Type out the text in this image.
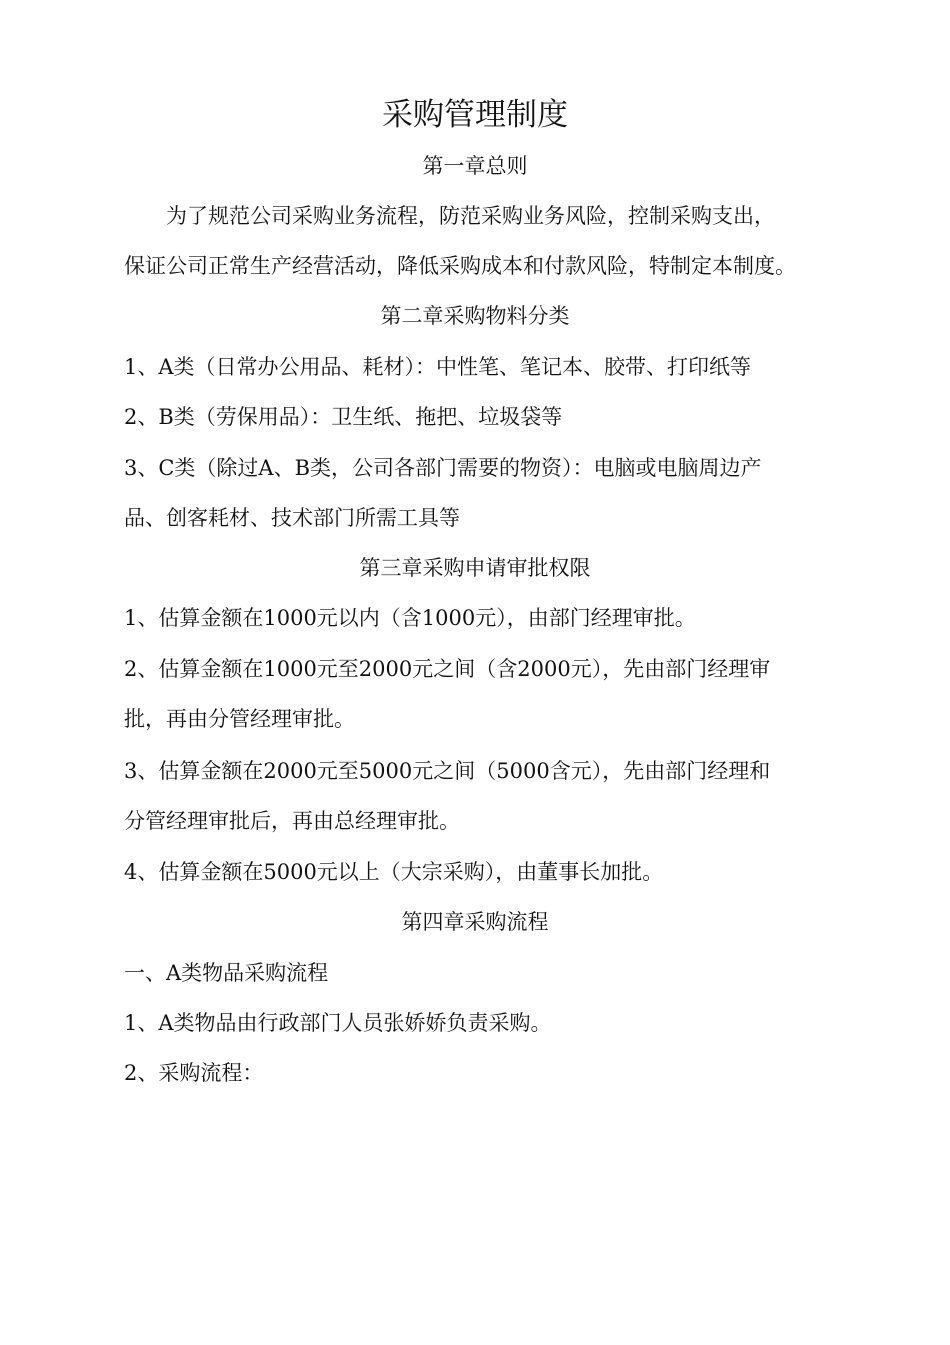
采购管理制度
第一章总则
为了规范公司采购业务流程，防范采购业务风险，控制采购支出，
保证公司正常生产经营活动，降低采购成本和付款风险，特制定本制度。
第二章采购物料分类
1、A类（日常办公用品、耗材）：中性笔、笔记本、胶带、打印纸等
2、B类（劳保用品）：卫生纸、拖把、垃圾袋等
3、C类（除过A、B类，公司各部门需要的物资）：电脑或电脑周边产
品、创客耗材、技术部门所需工具等
第三章采购申请审批权限
1、估算金额在1000元以内（含1000元），由部门经理审批。
2、估算金额在1000元至2000元之间（含2000元），先由部门经理审
批，再由分管经理审批。
3、估算金额在2000元至5000元之间（5000含元），先由部门经理和
分管经理审批后，再由总经理审批。
4、估算金额在5000元以上（大宗采购），由董事长加批。
第四章采购流程
一、A类物品采购流程
1、A类物品由行政部门人员张娇娇负责采购。
2、采购流程：
